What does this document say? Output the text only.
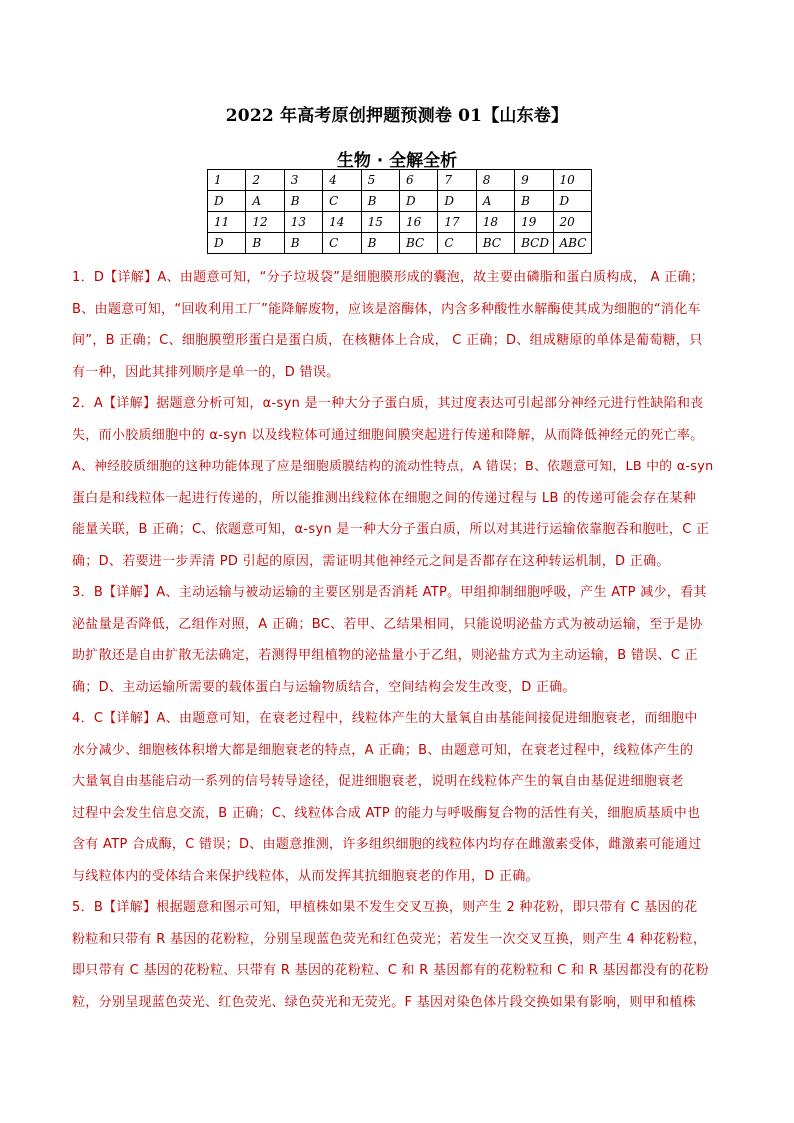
2022 年高考原创押题预测卷 01【山东卷】
生物 · 全解全析
1	2	3	4	5	6	7	8	9	10
D	A	B	C	B	D	D	A	B	D
11	12	13	14	15	16	17	18	19	20
D	B	B	C	B	BC	C	BC	BCD	ABC
1．D【详解】A、由题意可知，“分子垃圾袋”是细胞膜形成的囊泡，故主要由磷脂和蛋白质构成， A 正确；
B、由题意可知，“回收利用工厂”能降解废物，应该是溶酶体，内含多种酸性水解酶使其成为细胞的“消化车
间”，B 正确；C、细胞膜塑形蛋白是蛋白质，在核糖体上合成， C 正确；D、组成糖原的单体是葡萄糖，只
有一种，因此其排列顺序是单一的，D 错误。
2．A【详解】据题意分析可知，α-syn 是一种大分子蛋白质，其过度表达可引起部分神经元进行性缺陷和丧
失，而小胶质细胞中的 α-syn 以及线粒体可通过细胞间膜突起进行传递和降解，从而降低神经元的死亡率。
A、神经胶质细胞的这种功能体现了应是细胞质膜结构的流动性特点，A 错误；B、依题意可知，LB 中的 α-syn
蛋白是和线粒体一起进行传递的，所以能推测出线粒体在细胞之间的传递过程与 LB 的传递可能会存在某种
能量关联，B 正确；C、依题意可知，α-syn 是一种大分子蛋白质，所以对其进行运输依靠胞吞和胞吐，C 正
确；D、若要进一步弄清 PD 引起的原因，需证明其他神经元之间是否都存在这种转运机制，D 正确。
3．B【详解】A、主动运输与被动运输的主要区别是否消耗 ATP。甲组抑制细胞呼吸，产生 ATP 减少，看其
泌盐量是否降低，乙组作对照，A 正确；BC、若甲、乙结果相同，只能说明泌盐方式为被动运输，至于是协
助扩散还是自由扩散无法确定，若测得甲组植物的泌盐量小于乙组，则泌盐方式为主动运输，B 错误、C 正
确；D、主动运输所需要的载体蛋白与运输物质结合，空间结构会发生改变，D 正确。
4．C【详解】A、由题意可知，在衰老过程中，线粒体产生的大量氧自由基能间接促进细胞衰老，而细胞中
水分减少、细胞核体积增大都是细胞衰老的特点，A 正确；B、由题意可知，在衰老过程中，线粒体产生的
大量氧自由基能启动一系列的信号转导途径，促进细胞衰老，说明在线粒体产生的氧自由基促进细胞衰老
过程中会发生信息交流，B 正确；C、线粒体合成 ATP 的能力与呼吸酶复合物的活性有关，细胞质基质中也
含有 ATP 合成酶，C 错误；D、由题意推测，许多组织细胞的线粒体内均存在雌激素受体，雌激素可能通过
与线粒体内的受体结合来保护线粒体，从而发挥其抗细胞衰老的作用，D 正确。
5．B【详解】根据题意和图示可知，甲植株如果不发生交叉互换，则产生 2 种花粉，即只带有 C 基因的花
粉粒和只带有 R 基因的花粉粒，分别呈现蓝色荧光和红色荧光；若发生一次交叉互换，则产生 4 种花粉粒，
即只带有 C 基因的花粉粒、只带有 R 基因的花粉粒、C 和 R 基因都有的花粉粒和 C 和 R 基因都没有的花粉
粒，分别呈现蓝色荧光、红色荧光、绿色荧光和无荧光。F 基因对染色体片段交换如果有影响，则甲和植株
